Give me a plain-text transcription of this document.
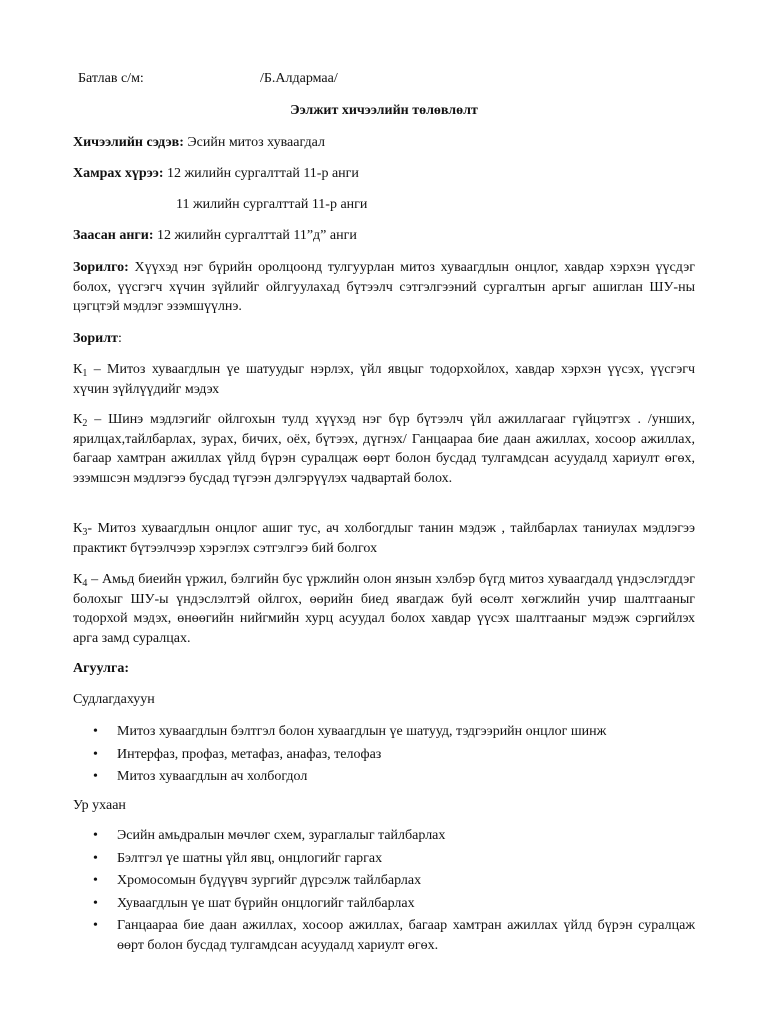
Батлав с/м:	/Б.Алдармаа/
Ээлжит хичээлийн төлөвлөлт

Хичээлийн сэдэв: Эсийн митоз хуваагдал

Хамрах хүрээ: 12 жилийн сургалттай 11-р анги

11 жилийн сургалттай 11-р анги

Заасан анги: 12 жилийн сургалттай 11”д” анги

Зорилго: Хүүхэд нэг бүрийн оролцоонд тулгуурлан митоз хуваагдлын онцлог, хавдар хэрхэн үүсдэг болох, үүсгэгч хүчин зүйлийг ойлгуулахад бүтээлч сэтгэлгээний сургалтын аргыг ашиглан ШУ-ны цэгцтэй мэдлэг эзэмшүүлнэ.

Зорилт:

$К_1$ – Митоз хуваагдлын үе шатуудыг нэрлэх, үйл явцыг тодорхойлох, хавдар хэрхэн үүсэх, үүсгэгч хүчин зүйлүүдийг мэдэх

$К_2$ – Шинэ мэдлэгийг ойлгохын тулд хүүхэд нэг бүр бүтээлч үйл ажиллагааг гүйцэтгэх . /унших, ярилцах,тайлбарлах, зурах, бичих, оёх, бүтээх, дүгнэх/ Ганцаараа бие даан ажиллах, хосоор ажиллах, багаар хамтран ажиллах үйлд бүрэн суралцаж өөрт болон бусдад тулгамдсан асуудалд хариулт өгөх, эзэмшсэн мэдлэгээ бусдад түгээн дэлгэрүүлэх чадвартай болох.

$К_3-$ Митоз хуваагдлын онцлог ашиг тус, ач холбогдлыг танин мэдэж , тайлбарлах таниулах мэдлэгээ практикт бүтээлчээр хэрэглэх сэтгэлгээ бий болгох

$К_4$ – Амьд биеийн үржил, бэлгийн бус үржлийн олон янзын хэлбэр бүгд митоз хуваагдалд үндэслэгддэг болохыг ШУ-ы үндэслэлтэй ойлгох, өөрийн биед явагдаж буй өсөлт хөгжлийн учир шалтгааныг тодорхой мэдэх, өнөөгийн нийгмийн хурц асуудал болох хавдар үүсэх шалтгааныг мэдэж сэргийлэх арга замд суралцах.

Агуулга:

Судлагдахуун

• Митоз хуваагдлын бэлтгэл болон хуваагдлын үе шатууд, тэдгээрийн онцлог шинж
• Интерфаз, профаз, метафаз, анафаз, телофаз
• Митоз хуваагдлын ач холбогдол

Ур ухаан

• Эсийн амьдралын мөчлөг схем, зураглалыг тайлбарлах
• Бэлтгэл үе шатны үйл явц, онцлогийг гаргах
• Хромосомын бүдүүвч зургийг дүрсэлж тайлбарлах
• Хуваагдлын үе шат бүрийн онцлогийг тайлбарлах
• Ганцаараа бие даан ажиллах, хосоор ажиллах, багаар хамтран ажиллах үйлд бүрэн суралцаж өөрт болон бусдад тулгамдсан асуудалд хариулт өгөх.
